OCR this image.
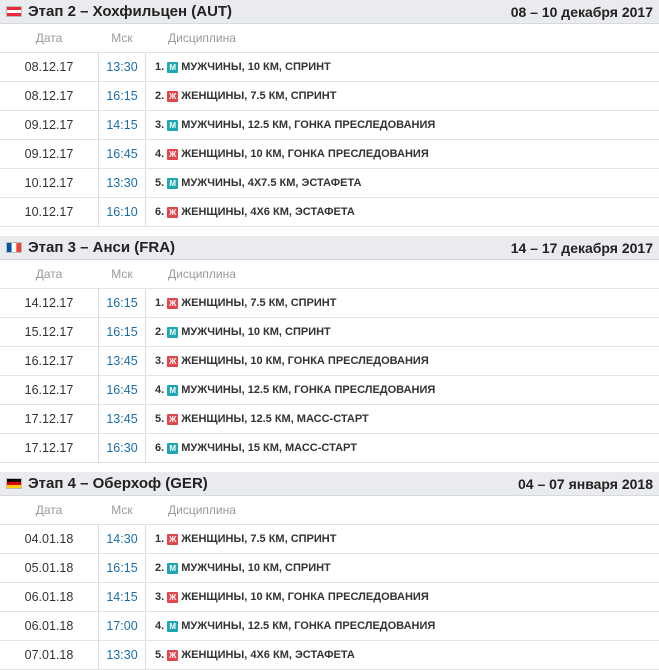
Этап 2 – Хохфильцен (AUT)	08 – 10 декабря 2017
Дата	Мск	Дисциплина
08.12.17	13:30	1. М МУЖЧИНЫ, 10 КМ, СПРИНТ
08.12.17	16:15	2. Ж ЖЕНЩИНЫ, 7.5 КМ, СПРИНТ
09.12.17	14:15	3. М МУЖЧИНЫ, 12.5 КМ, ГОНКА ПРЕСЛЕДОВАНИЯ
09.12.17	16:45	4. Ж ЖЕНЩИНЫ, 10 КМ, ГОНКА ПРЕСЛЕДОВАНИЯ
10.12.17	13:30	5. М МУЖЧИНЫ, 4Х7.5 КМ, ЭСТАФЕТА
10.12.17	16:10	6. Ж ЖЕНЩИНЫ, 4Х6 КМ, ЭСТАФЕТА
Этап 3 – Анси (FRA)	14 – 17 декабря 2017
Дата	Мск	Дисциплина
14.12.17	16:15	1. Ж ЖЕНЩИНЫ, 7.5 КМ, СПРИНТ
15.12.17	16:15	2. М МУЖЧИНЫ, 10 КМ, СПРИНТ
16.12.17	13:45	3. Ж ЖЕНЩИНЫ, 10 КМ, ГОНКА ПРЕСЛЕДОВАНИЯ
16.12.17	16:45	4. М МУЖЧИНЫ, 12.5 КМ, ГОНКА ПРЕСЛЕДОВАНИЯ
17.12.17	13:45	5. Ж ЖЕНЩИНЫ, 12.5 КМ, МАСС-СТАРТ
17.12.17	16:30	6. М МУЖЧИНЫ, 15 КМ, МАСС-СТАРТ
Этап 4 – Оберхоф (GER)	04 – 07 января 2018
Дата	Мск	Дисциплина
04.01.18	14:30	1. Ж ЖЕНЩИНЫ, 7.5 КМ, СПРИНТ
05.01.18	16:15	2. М МУЖЧИНЫ, 10 КМ, СПРИНТ
06.01.18	14:15	3. Ж ЖЕНЩИНЫ, 10 КМ, ГОНКА ПРЕСЛЕДОВАНИЯ
06.01.18	17:00	4. М МУЖЧИНЫ, 12.5 КМ, ГОНКА ПРЕСЛЕДОВАНИЯ
07.01.18	13:30	5. Ж ЖЕНЩИНЫ, 4Х6 КМ, ЭСТАФЕТА
